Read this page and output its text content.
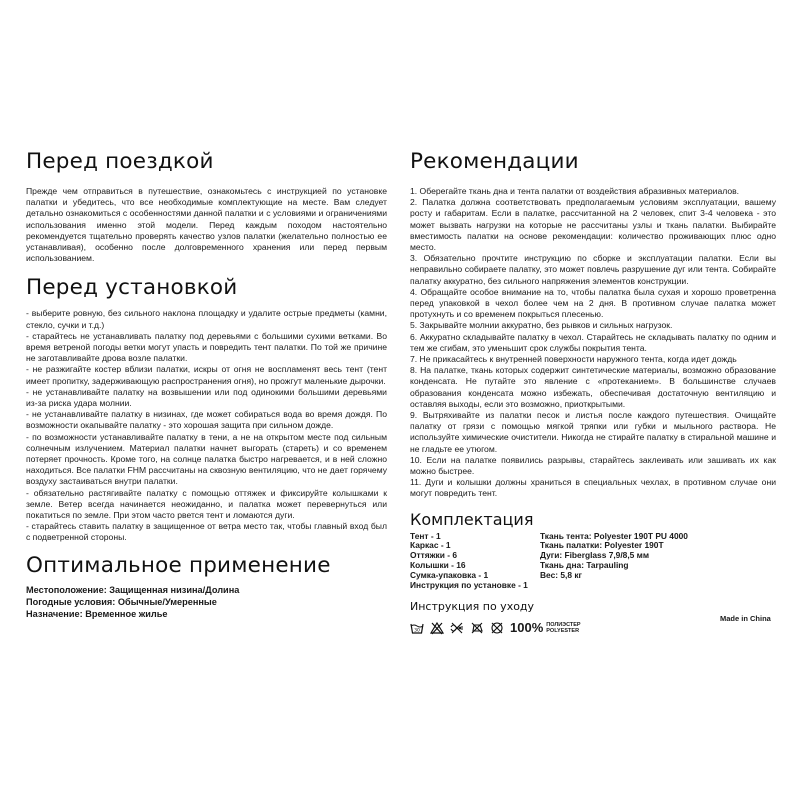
Перед поездкой

Прежде чем отправиться в путешествие, ознакомьтесь с инструкцией по установке палатки и убедитесь, что все необходимые комплектующие на месте. Вам следует детально ознакомиться с особенностями данной палатки и с условиями и ограничениями использования именно этой модели. Перед каждым походом настоятельно рекомендуется тщательно проверять качество узлов палатки (желательно полностью ее устанавливая), особенно после долговременного хранения или перед первым использованием.

Перед установкой
- выберите ровную, без сильного наклона площадку и удалите острые предметы (камни, стекло, сучки и т.д.)
- старайтесь не устанавливать палатку под деревьями с большими сухими ветками. Во время ветреной погоды ветки могут упасть и повредить тент палатки. По той же причине не заготавливайте дрова возле палатки.
- не разжигайте костер вблизи палатки, искры от огня не воспламенят весь тент (тент имеет пропитку, задерживающую распространения огня), но прожгут маленькие дырочки.
- не устанавливайте палатку на возвышении или под одинокими большими деревьями из-за риска удара молнии.
- не устанавливайте палатку в низинах, где может собираться вода во время дождя. По возможности окапывайте палатку - это хорошая защита при сильном дожде.
- по возможности устанавливайте палатку в тени, а не на открытом месте под сильным солнечным излучением. Материал палатки начнет выгорать (стареть) и со временем потеряет прочность. Кроме того, на солнце палатка быстро нагревается, и в ней сложно находиться. Все палатки FHM рассчитаны на сквозную вентиляцию, что не дает горячему воздуху застаиваться внутри палатки.
- обязательно растягивайте палатку с помощью оттяжек и фиксируйте колышками к земле. Ветер всегда начинается неожиданно, и палатка может перевернуться или покатиться по земле. При этом часто рвется тент и ломаются дуги.
- старайтесь ставить палатку в защищенное от ветра место так, чтобы главный вход был с подветренной стороны.
Оптимальное применение
Местоположение: Защищенная низина/Долина
Погодные условия: Обычные/Умеренные
Назначение: Временное жилье
Рекомендации
1. Оберегайте ткань дна и тента палатки от воздействия абразивных материалов.
2. Палатка должна соответствовать предполагаемым условиям эксплуатации, вашему росту и габаритам. Если в палатке, рассчитанной на 2 человек, спит 3-4 человека - это может вызвать нагрузки на которые не рассчитаны узлы и ткань палатки. Выбирайте вместимость палатки на основе рекомендации: количество проживающих плюс одно место.
3. Обязательно прочтите инструкцию по сборке и эксплуатации палатки. Если вы неправильно собираете палатку, это может повлечь разрушение дуг или тента. Собирайте палатку аккуратно, без сильного напряжения элементов конструкции.
4. Обращайте особое внимание на то, чтобы палатка была сухая и хорошо проветренна перед упаковкой в чехол более чем на 2 дня. В противном случае палатка может протухнуть и со временем покрыться плесенью.
5. Закрывайте молнии аккуратно, без рывков и сильных нагрузок.
6. Аккуратно складывайте палатку в чехол. Старайтесь не складывать палатку по одним и тем же сгибам, это уменьшит срок службы покрытия тента.
7. Не прикасайтесь к внутренней поверхности наружного тента, когда идет дождь
8. На палатке, ткань которых содержит синтетические материалы, возможно образование конденсата. Не путайте это явление с «протеканием». В большинстве случаев образования конденсата можно избежать, обеспечивая достаточную вентиляцию и оставляя выходы, если это возможно, приоткрытыми.
9. Вытряхивайте из палатки песок и листья после каждого путешествия. Очищайте палатку от грязи с помощью мягкой тряпки или губки и мыльного раствора. Не используйте химические очистители. Никогда не стирайте палатку в стиральной машине и не гладьте ее утюгом.
10. Если на палатке появились разрывы, старайтесь заклеивать или зашивать их как можно быстрее.
11. Дуги и колышки должны храниться в специальных чехлах, в противном случае они могут повредить тент.
Комплектация
Тент - 1
Каркас - 1
Оттяжки - 6
Колышки - 16
Сумка-упаковка - 1
Инструкция по установке - 1
Ткань тента: Polyester 190T PU 4000
Ткань палатки: Polyester 190T
Дуги: Fiberglass 7,9/8,5 мм
Ткань дна: Tarpauling
Вес: 5,8 кг
Инструкция по уходу
30	100% ПОЛИЭСТЕР
POLYESTER
Made in China
